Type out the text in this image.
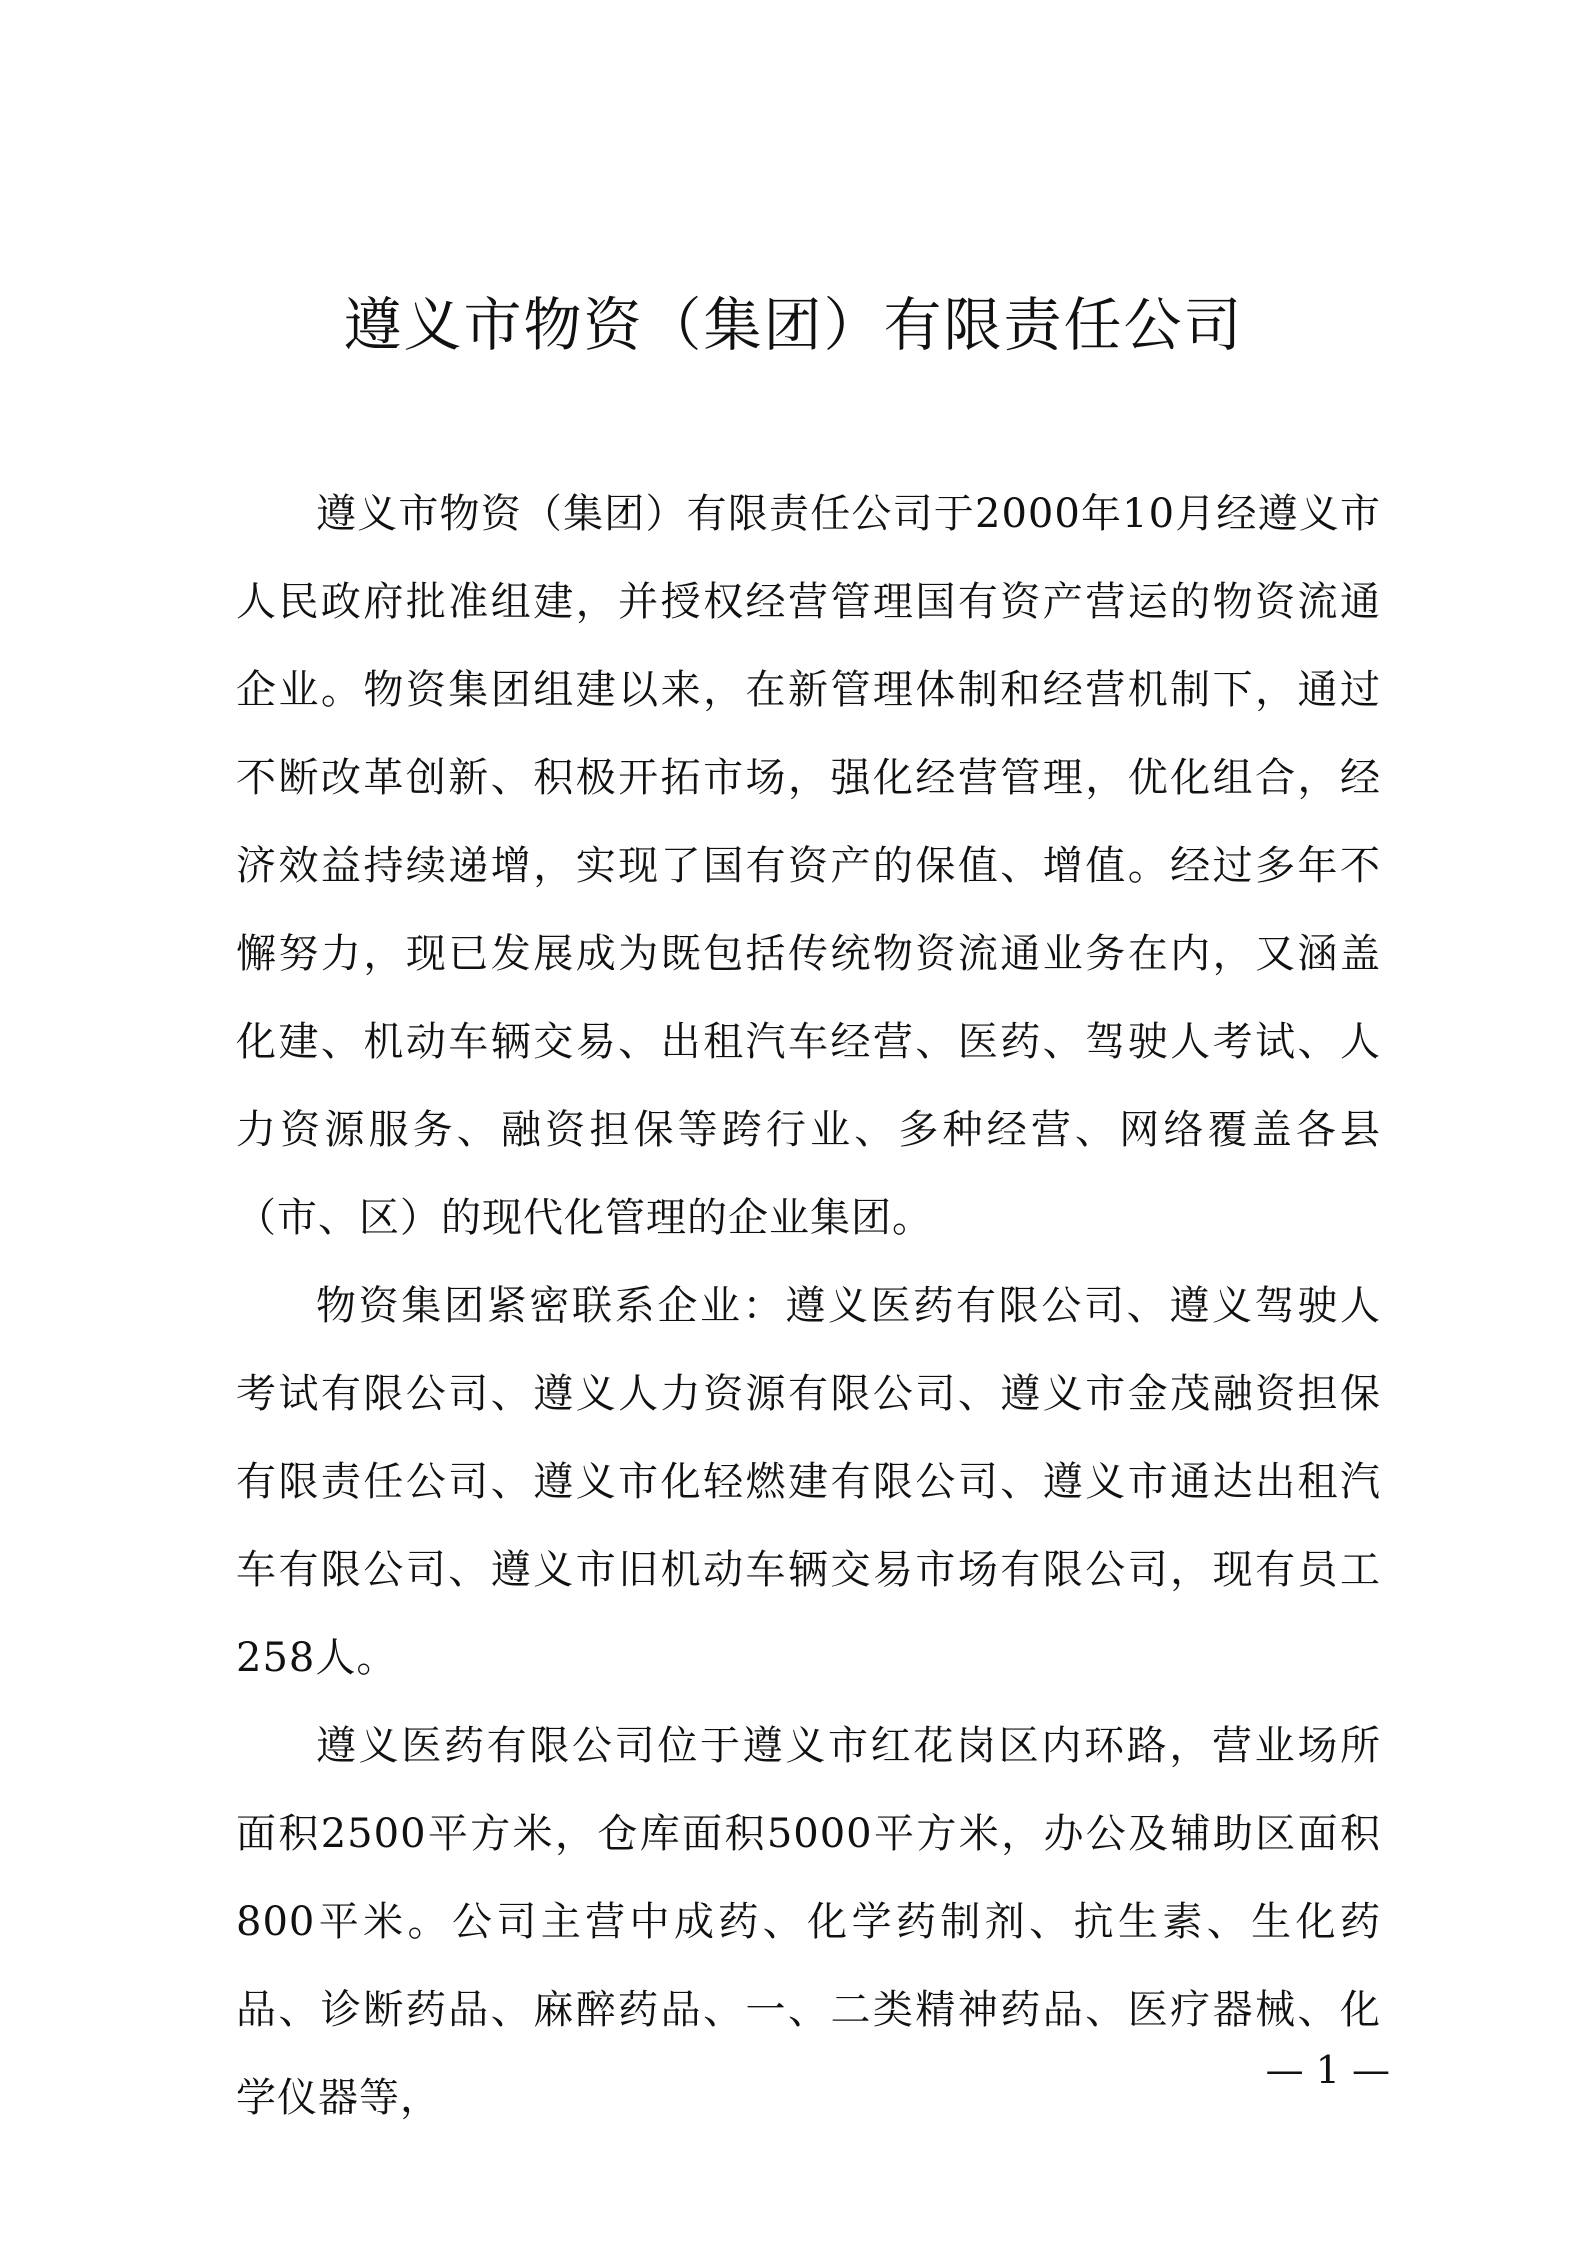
遵义市物资（集团）有限责任公司

遵义市物资（集团）有限责任公司于2000年10月经遵义市人民政府批准组建，并授权经营管理国有资产营运的物资流通企业。物资集团组建以来，在新管理体制和经营机制下，通过不断改革创新、积极开拓市场，强化经营管理，优化组合，经济效益持续递增，实现了国有资产的保值、增值。经过多年不懈努力，现已发展成为既包括传统物资流通业务在内，又涵盖化建、机动车辆交易、出租汽车经营、医药、驾驶人考试、人力资源服务、融资担保等跨行业、多种经营、网络覆盖各县（市、区）的现代化管理的企业集团。

物资集团紧密联系企业：遵义医药有限公司、遵义驾驶人考试有限公司、遵义人力资源有限公司、遵义市金茂融资担保有限责任公司、遵义市化轻燃建有限公司、遵义市通达出租汽车有限公司、遵义市旧机动车辆交易市场有限公司，现有员工258人。

遵义医药有限公司位于遵义市红花岗区内环路，营业场所面积2500平方米，仓库面积5000平方米，办公及辅助区面积800平米。公司主营中成药、化学药制剂、抗生素、生化药品、诊断药品、麻醉药品、一、二类精神药品、医疗器械、化学仪器等，

— 1 —
